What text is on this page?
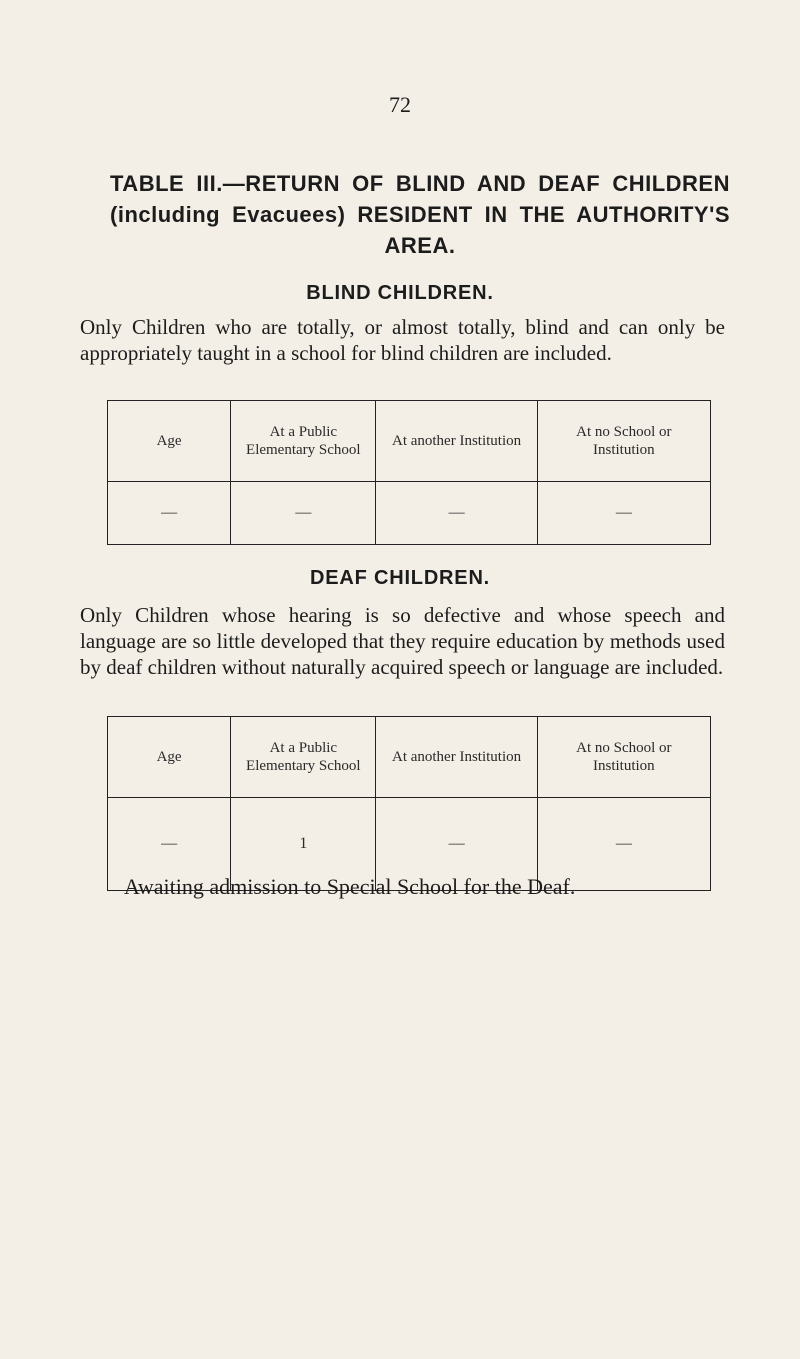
72
TABLE III.—RETURN OF BLIND AND DEAF CHILDREN (including Evacuees) RESIDENT IN THE AUTHORITY'S AREA.
BLIND CHILDREN.
Only Children who are totally, or almost totally, blind and can only be appropriately taught in a school for blind children are included.
Age	At a Public Elementary School	At another Institution	At no School or Institution
—	—	—	—
DEAF CHILDREN.
Only Children whose hearing is so defective and whose speech and language are so little developed that they require education by methods used by deaf children without naturally acquired speech or language are included.
Age	At a Public Elementary School	At another Institution	At no School or Institution
—	1	—	—
Awaiting admission to Special School for the Deaf.
